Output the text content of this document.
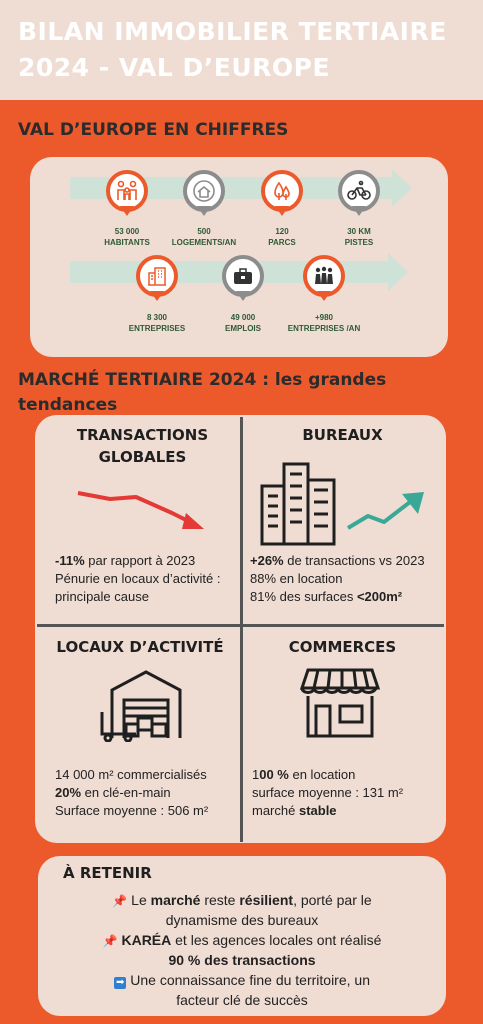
BILAN IMMOBILIER TERTIAIRE
2024 - VAL D’EUROPE
VAL D’EUROPE EN CHIFFRES
53 000
HABITANTS
500
LOGEMENTS/AN
120
PARCS
30 KM
PISTES
8 300
ENTREPRISES
49 000
EMPLOIS
+980
ENTREPRISES /AN
MARCHÉ TERTIAIRE 2024 : les grandes tendances
TRANSACTIONS GLOBALES
-11% par rapport à 2023
Pénurie en locaux d’activité : principale cause
BUREAUX
+26% de transactions vs 2023
88% en location
81% des surfaces <200m²
LOCAUX D’ACTIVITÉ
14 000 m² commercialisés
20% en clé-en-main
Surface moyenne : 506 m²
COMMERCES
100 % en location
surface moyenne : 131 m²
marché stable
À RETENIR
📌 Le marché reste résilient, porté par le
dynamisme des bureaux
📌 KARÉA et les agences locales ont réalisé
90 % des transactions
➡ Une connaissance fine du territoire, un
facteur clé de succès
